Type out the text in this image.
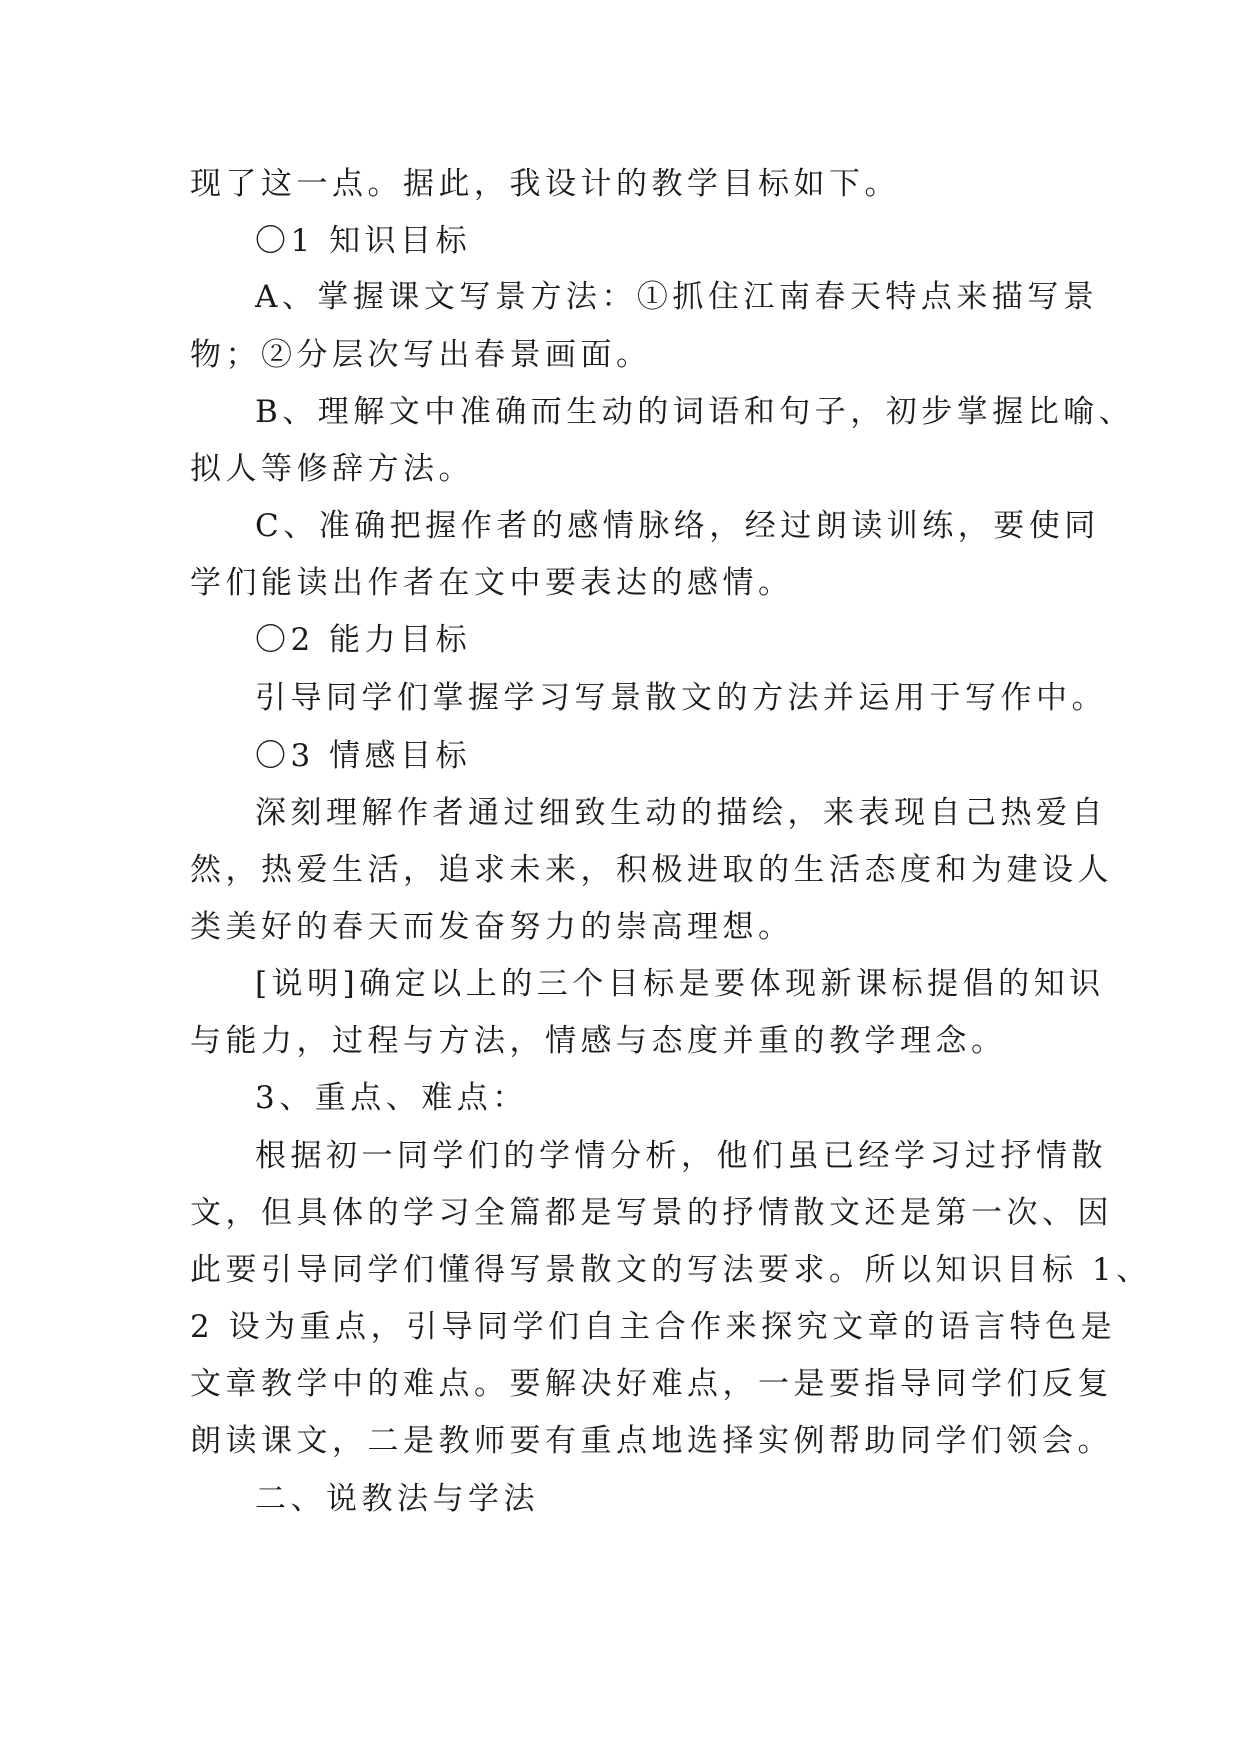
现了这一点。据此，我设计的教学目标如下。
〇1 知识目标
A、掌握课文写景方法：①抓住江南春天特点来描写景
物；②分层次写出春景画面。
B、理解文中准确而生动的词语和句子，初步掌握比喻、
拟人等修辞方法。
C、准确把握作者的感情脉络，经过朗读训练，要使同
学们能读出作者在文中要表达的感情。
〇2 能力目标
引导同学们掌握学习写景散文的方法并运用于写作中。
〇3 情感目标
深刻理解作者通过细致生动的描绘，来表现自己热爱自
然，热爱生活，追求未来，积极进取的生活态度和为建设人
类美好的春天而发奋努力的崇高理想。
[说明]确定以上的三个目标是要体现新课标提倡的知识
与能力，过程与方法，情感与态度并重的教学理念。
3、重点、难点：
根据初一同学们的学情分析，他们虽已经学习过抒情散
文，但具体的学习全篇都是写景的抒情散文还是第一次、因
此要引导同学们懂得写景散文的写法要求。所以知识目标 1、
2 设为重点，引导同学们自主合作来探究文章的语言特色是
文章教学中的难点。要解决好难点，一是要指导同学们反复
朗读课文，二是教师要有重点地选择实例帮助同学们领会。
二、说教法与学法
